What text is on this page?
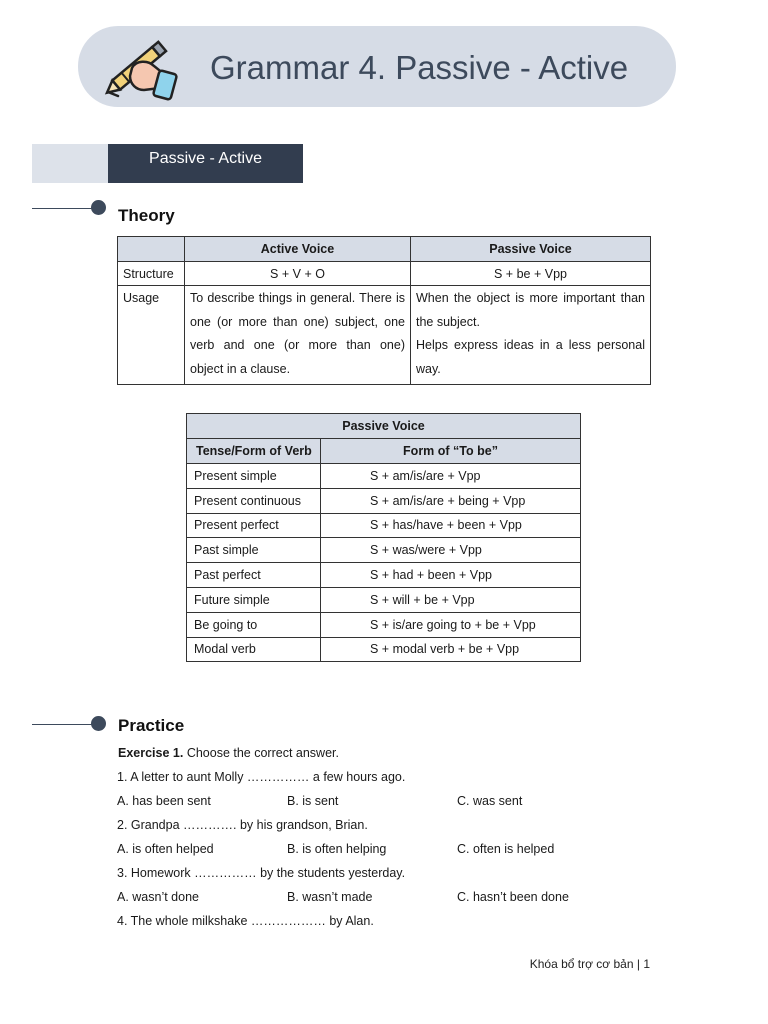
Grammar 4. Passive - Active
Passive - Active
Theory
	Active Voice	Passive Voice
Structure	S + V + O	S + be + Vpp
Usage	To describe things in general. There is one (or more than one) subject, one verb and one (or more than one) object in a clause.	When the object is more important than the subject.
Helps express ideas in a less personal way.
Passive Voice	
Tense/Form of Verb	Form of “To be”
Present simple	S + am/is/are + Vpp
Present continuous	S + am/is/are + being + Vpp
Present perfect	S + has/have + been + Vpp
Past simple	S + was/were + Vpp
Past perfect	S + had + been + Vpp
Future simple	S + will + be + Vpp
Be going to	S + is/are going to + be + Vpp
Modal verb	S + modal verb + be + Vpp
Practice
Exercise 1. Choose the correct answer.
1. A letter to aunt Molly …………… a few hours ago.
A. has been sent	B. is sent	C. was sent
2. Grandpa …………. by his grandson, Brian.
A. is often helped	B. is often helping	C. often is helped
3. Homework …………… by the students yesterday.
A. wasn’t done	B. wasn’t made	C. hasn’t been done
4. The whole milkshake ……………… by Alan.
Khóa bổ trợ cơ bản | 1
